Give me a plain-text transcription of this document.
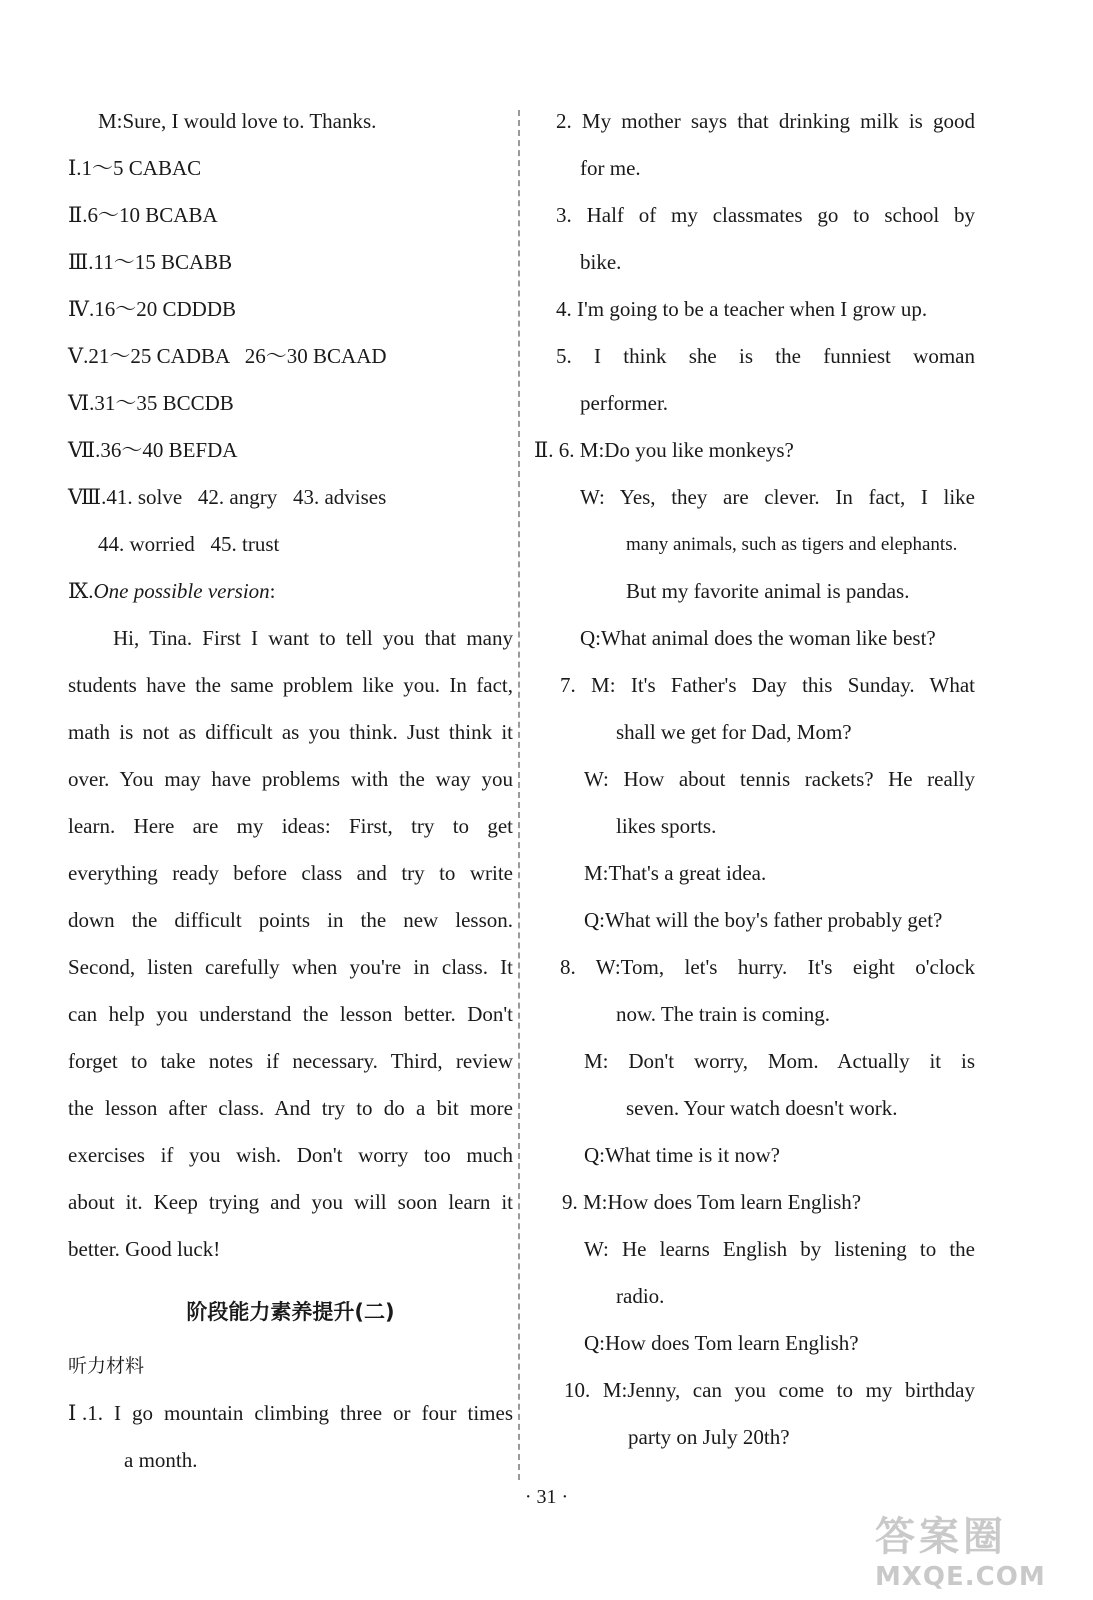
M:Sure, I would love to. Thanks.
Ⅰ.1～5 CABAC
Ⅱ.6～10 BCABA
Ⅲ.11～15 BCABB
Ⅳ.16～20 CDDDB
Ⅴ.21～25 CADBA   26～30 BCAAD
Ⅵ.31～35 BCCDB
Ⅶ.36～40 BEFDA
Ⅷ.41. solve   42. angry   43. advises
44. worried   45. trust
Ⅸ.One possible version:
Hi, Tina. First I want to tell you that many
students have the same problem like you. In fact,
math is not as difficult as you think. Just think it
over. You may have problems with the way you
learn. Here are my ideas: First, try to get
everything ready before class and try to write
down the difficult points in the new lesson.
Second, listen carefully when you're in class. It
can help you understand the lesson better. Don't
forget to take notes if necessary. Third, review
the lesson after class. And try to do a bit more
exercises if you wish. Don't worry too much
about it. Keep trying and you will soon learn it
better. Good luck!
阶段能力素养提升(二)
听力材料
Ⅰ.1. I go mountain climbing three or four times
a month.
2. My mother says that drinking milk is good
for me.
3. Half of my classmates go to school by
bike.
4. I'm going to be a teacher when I grow up.
5. I think she is the funniest woman
performer.
Ⅱ. 6. M:Do you like monkeys?
W: Yes, they are clever. In fact, I like
many animals, such as tigers and elephants.
But my favorite animal is pandas.
Q:What animal does the woman like best?
7. M: It's Father's Day this Sunday. What
shall we get for Dad, Mom?
W: How about tennis rackets? He really
likes sports.
M:That's a great idea.
Q:What will the boy's father probably get?
8. W:Tom, let's hurry. It's eight o'clock
now. The train is coming.
M: Don't worry, Mom. Actually it is
seven. Your watch doesn't work.
Q:What time is it now?
9. M:How does Tom learn English?
W: He learns English by listening to the
radio.
Q:How does Tom learn English?
10. M:Jenny, can you come to my birthday
party on July 20th?
· 31 ·
答案圈
MXQE.COM
